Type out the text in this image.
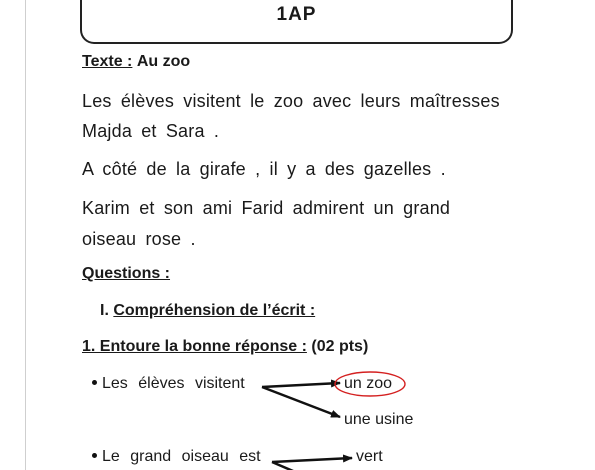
1AP
Texte : Au zoo
Les élèves visitent le zoo avec leurs maîtresses
Majda et Sara .
A côté de la girafe , il y a des gazelles .
Karim et son ami Farid admirent un grand
oiseau rose .
Questions :
I. Compréhension de l’écrit :
1. Entoure la bonne réponse : (02 pts)
Les élèves visitent	un zoo
une usine
Le grand oiseau est	vert
